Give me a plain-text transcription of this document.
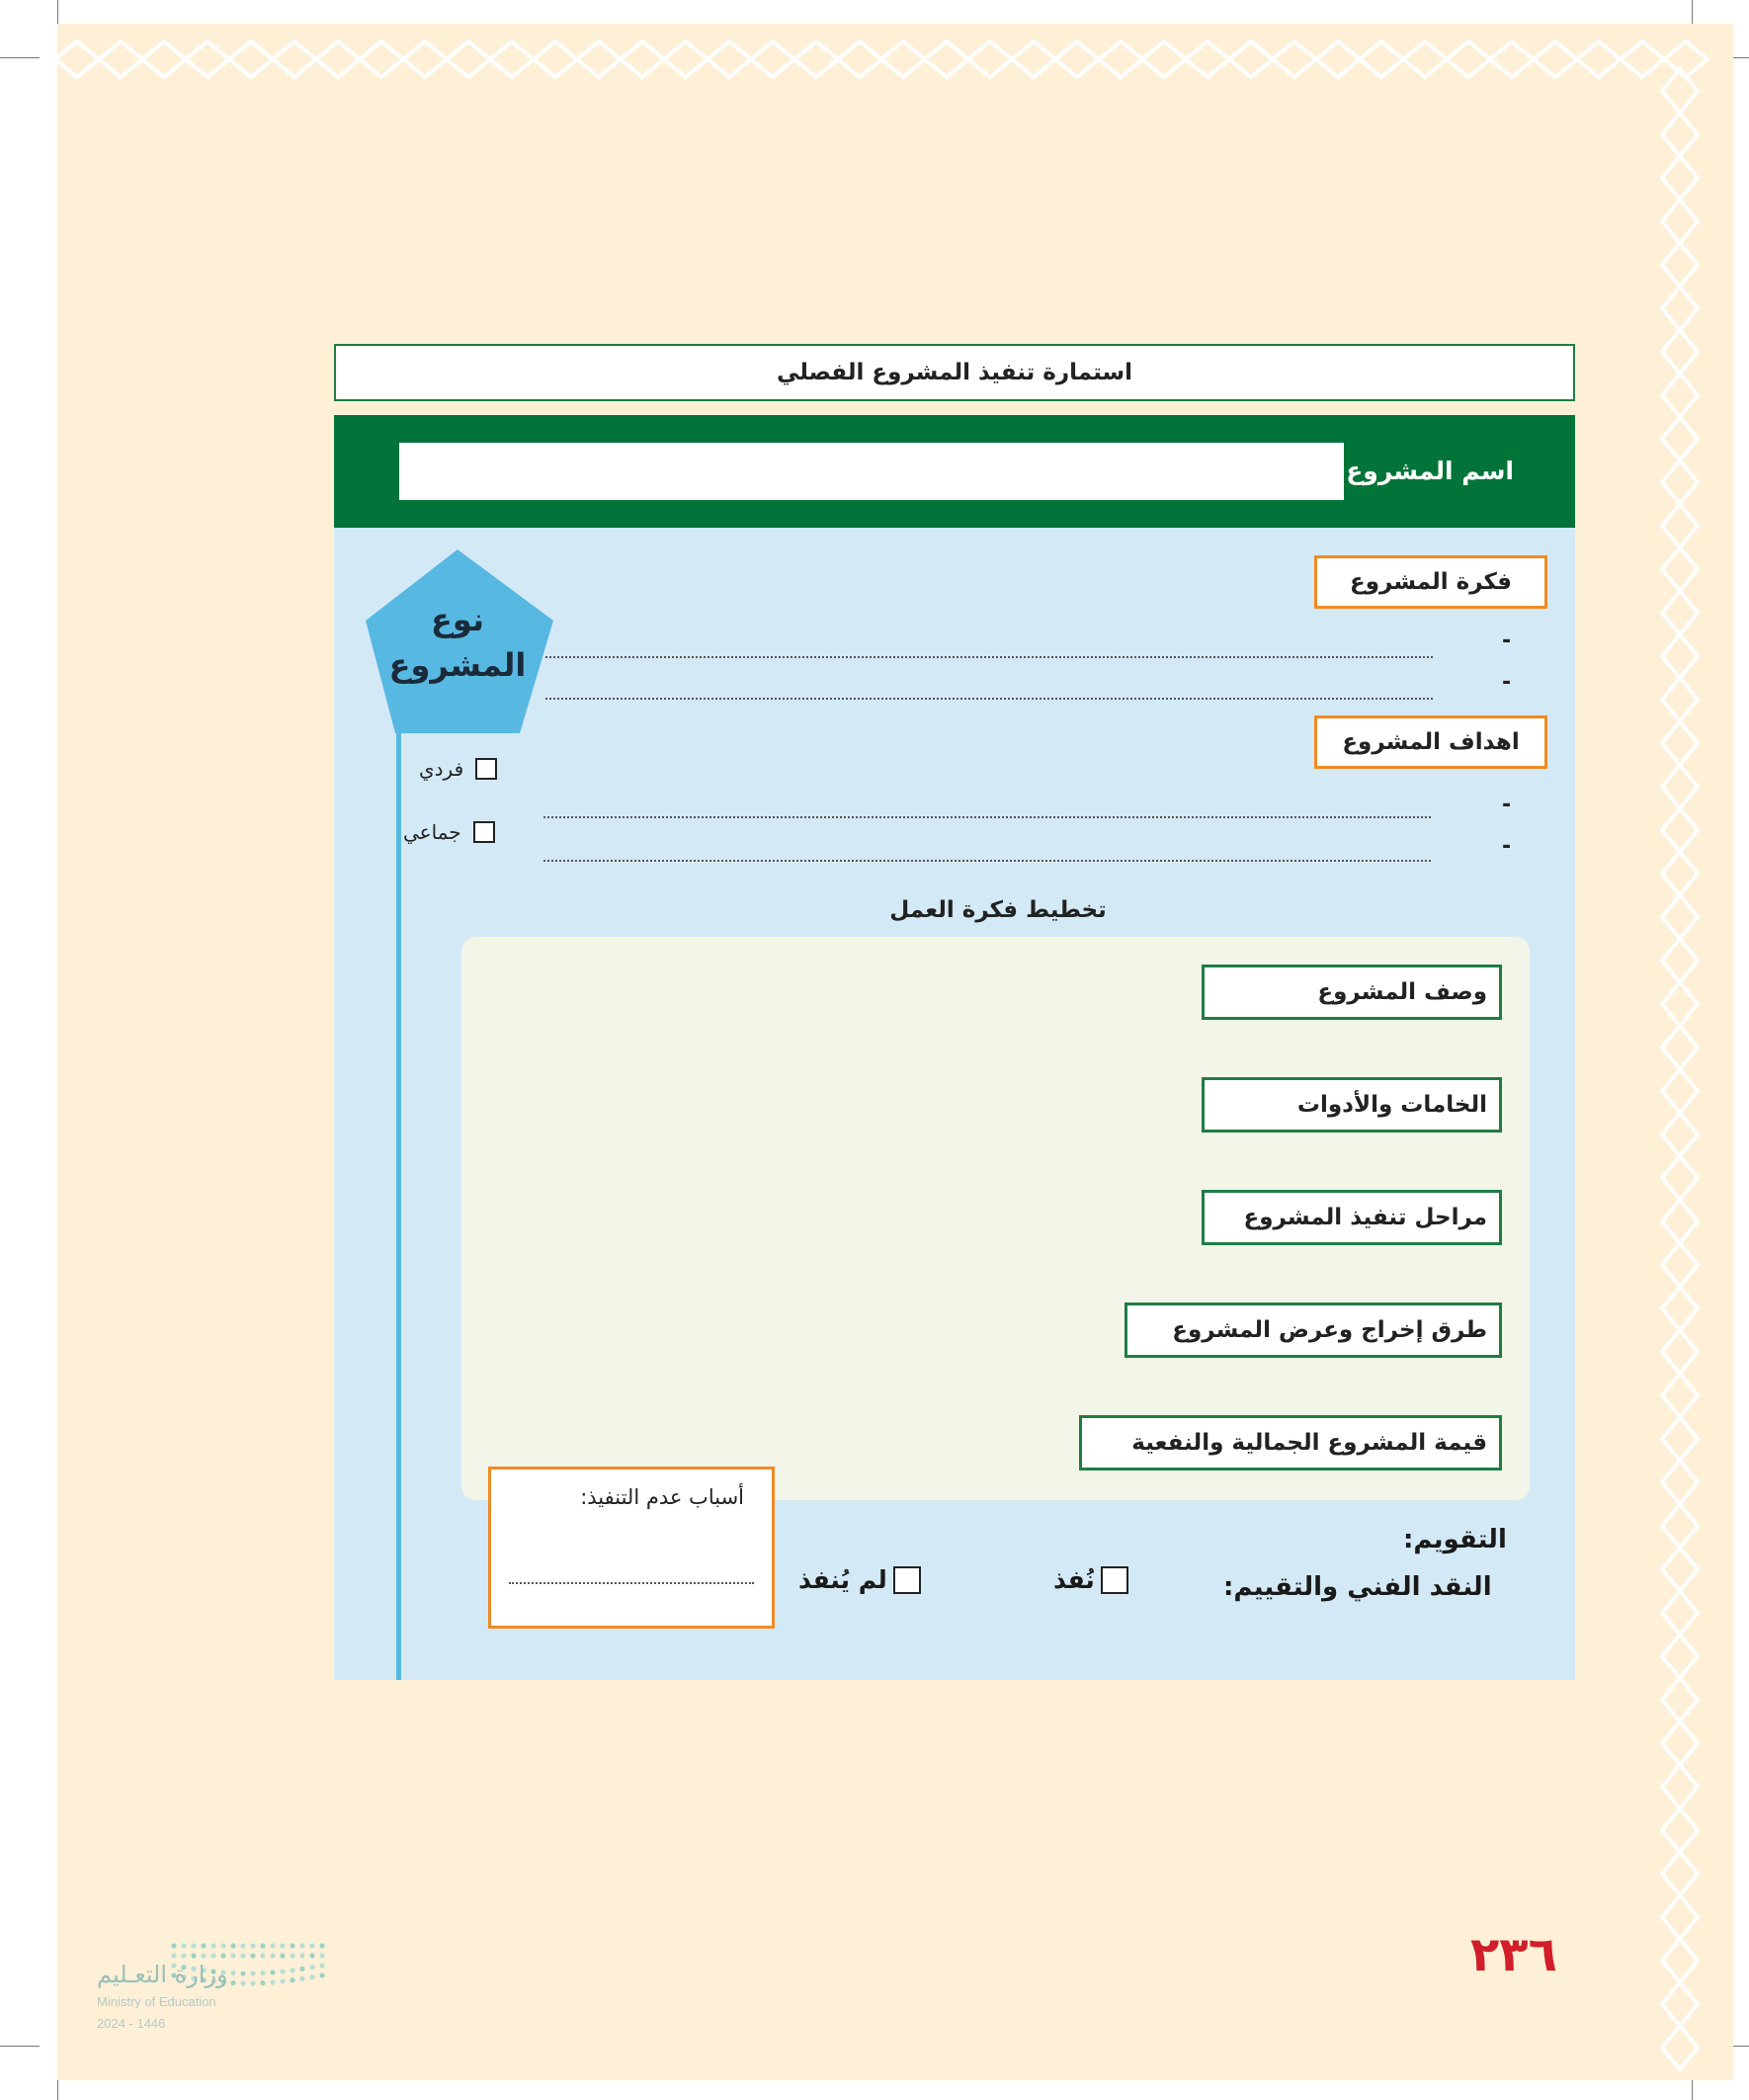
استمارة تنفيذ المشروع الفصلي
اسم المشروع
فكرة المشروع
-
-
اهداف المشروع
-
-
نوع
المشروع
فردي
جماعي
تخطيط فكرة العمل
وصف المشروع
الخامات والأدوات
مراحل تنفيذ المشروع
طرق إخراج وعرض المشروع
قيمة المشروع الجمالية والنفعية
أسباب عدم التنفيذ:
التقويم:
النقد الفني والتقييم:
نُفذ
لم يُنفذ
وزارة التعـليم
Ministry of Education
2024 - 1446
٢٣٦
